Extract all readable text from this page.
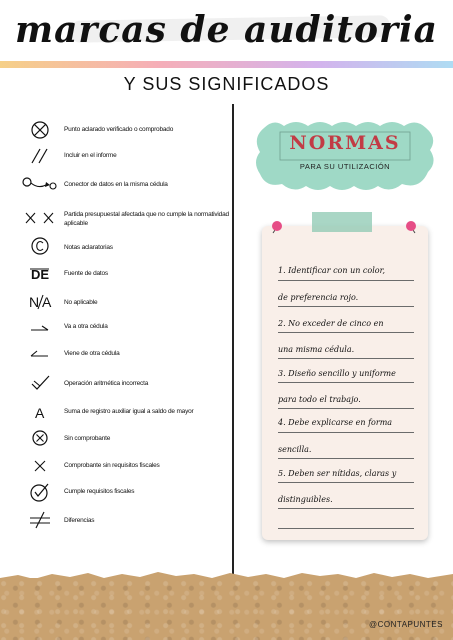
marcas de auditoria
Y SUS SIGNIFICADOS
Punto aclarado verificado o comprobado
Incluir en el informe
Conector de datos en la misma cédula
Partida presupuestal afectada que no cumple la normatividad aplicable
Notas aclaratorias
DE Fuente de datos
N A No aplicable
Va a otra cédula
Viene de otra cédula
Operación aritmética incorrecta
A	Suma de registro auxiliar igual a saldo de mayor
Sin comprobante
Comprobante sin requisitos fiscales
Cumple requisitos fiscales
Diferencias
NORMAS
PARA SU UTILIZACIÓN
1. Identificar con un color,
de preferencia rojo.
2. No exceder de cinco en
una misma cédula.
3. Diseño sencillo y uniforme
para todo el trabajo.
4. Debe explicarse en forma
sencilla.
5. Deben ser nítidas, claras y
distinguibles.
@CONTAPUNTES
